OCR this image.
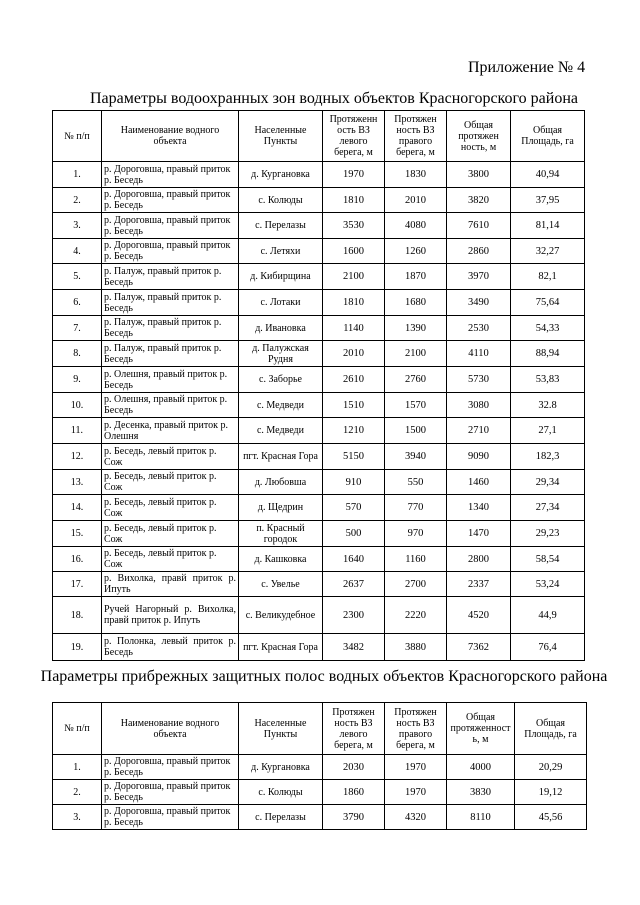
Приложение № 4
Параметры водоохранных зон водных объектов Красногорского района
№ п/п	Наименование водного объекта	Населенные Пункты	Протяженн ость ВЗ левого берега, м	Протяжен ность ВЗ правого берега, м	Общая протяжен ность, м	Общая Площадь, га
1.	р. Дороговша, правый приток р. Беседь	д. Кургановка	1970	1830	3800	40,94
2.	р. Дороговша, правый приток р. Беседь	с. Колюды	1810	2010	3820	37,95
3.	р. Дороговша, правый приток р. Беседь	с. Перелазы	3530	4080	7610	81,14
4.	р. Дороговша, правый приток р. Беседь	с. Летяхи	1600	1260	2860	32,27
5.	р. Палуж, правый приток р. Беседь	д. Кибирщина	2100	1870	3970	82,1
6.	р. Палуж, правый приток р. Беседь	с. Лотаки	1810	1680	3490	75,64
7.	р. Палуж, правый приток р. Беседь	д. Ивановка	1140	1390	2530	54,33
8.	р. Палуж, правый приток р. Беседь	д. Палужская Рудня	2010	2100	4110	88,94
9.	р. Олешня, правый приток р. Беседь	с. Заборье	2610	2760	5730	53,83
10.	р. Олешня, правый приток р. Беседь	с. Медведи	1510	1570	3080	32.8
11.	р. Десенка, правый приток р. Олешня	с. Медведи	1210	1500	2710	27,1
12.	р. Беседь, левый приток р. Сож	пгт. Красная Гора	5150	3940	9090	182,3
13.	р. Беседь, левый приток р. Сож	д. Любовша	910	550	1460	29,34
14.	р. Беседь, левый приток р. Сож	д. Щедрин	570	770	1340	27,34
15.	р. Беседь, левый приток р. Сож	п. Красный городок	500	970	1470	29,23
16.	р. Беседь, левый приток р. Сож	д. Кашковка	1640	1160	2800	58,54
17.	р. Вихолка, правй приток р. Ипуть	с. Увелье	2637	2700	2337	53,24
18.	Ручей Нагорный р. Вихолка, правй приток р. Ипуть	с. Великудебное	2300	2220	4520	44,9
19.	р. Полонка, левый приток р. Беседь	пгт. Красная Гора	3482	3880	7362	76,4
Параметры прибрежных защитных полос водных объектов Красногорского района
№ п/п	Наименование водного объекта	Населенные Пункты	Протяжен ность ВЗ левого берега, м	Протяжен ность ВЗ правого берега, м	Общая протяженност ь, м	Общая Площадь, га
1.	р. Дороговша, правый приток р. Беседь	д. Кургановка	2030	1970	4000	20,29
2.	р. Дороговша, правый приток р. Беседь	с. Колюды	1860	1970	3830	19,12
3.	р. Дороговша, правый приток р. Беседь	с. Перелазы	3790	4320	8110	45,56
